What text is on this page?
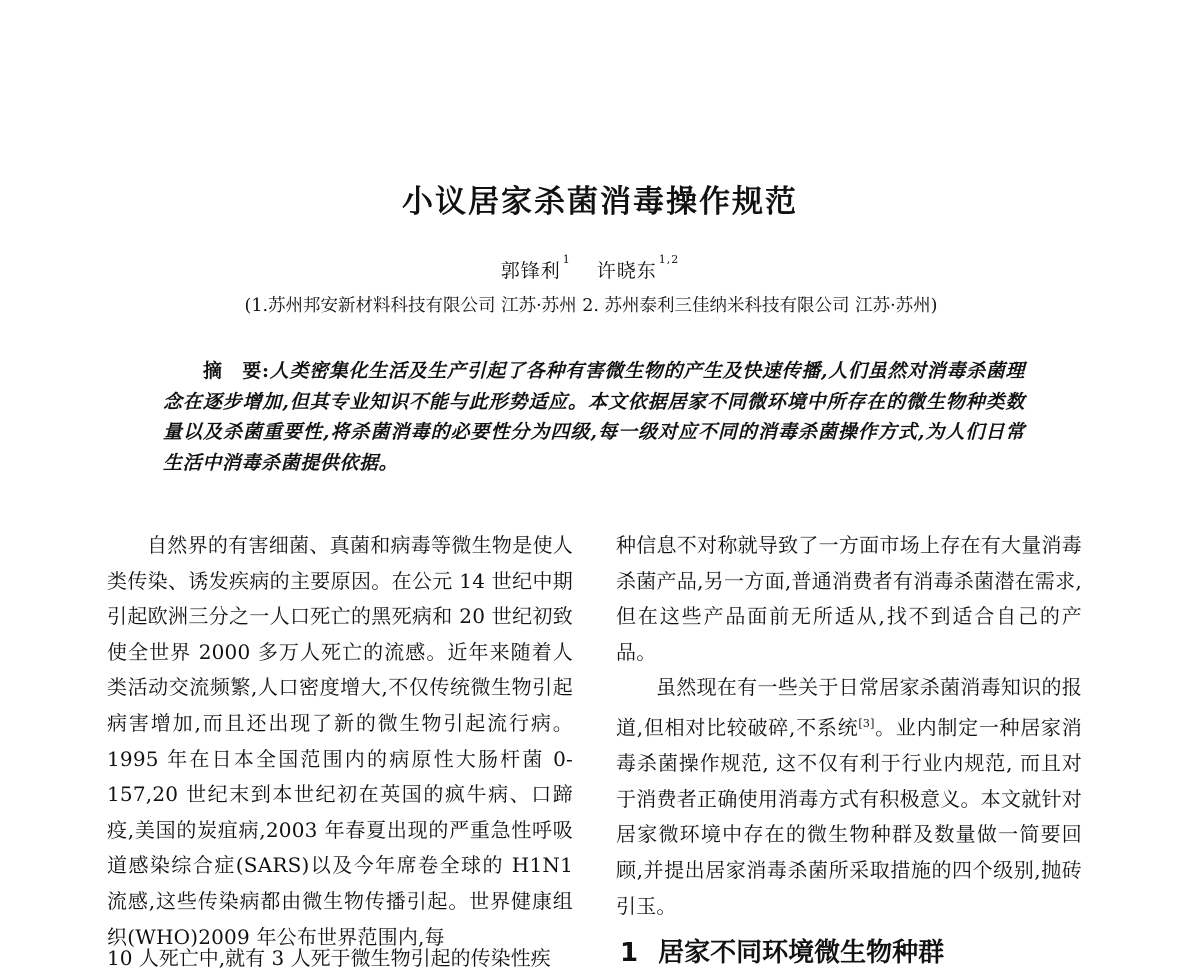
小议居家杀菌消毒操作规范
郭锋利$^1$许晓东$^{1,2}$
(1.苏州邦安新材料科技有限公司 江苏·苏州 2. 苏州泰利三佳纳米科技有限公司 江苏·苏州)
摘　要:人类密集化生活及生产引起了各种有害微生物的产生及快速传播,人们虽然对消毒杀菌理念在逐步增加,但其专业知识不能与此形势适应。本文依据居家不同微环境中所存在的微生物种类数量以及杀菌重要性,将杀菌消毒的必要性分为四级,每一级对应不同的消毒杀菌操作方式,为人们日常生活中消毒杀菌提供依据。

自然界的有害细菌、真菌和病毒等微生物是使人类传染、诱发疾病的主要原因。在公元 14 世纪中期引起欧洲三分之一人口死亡的黑死病和 20 世纪初致使全世界 2000 多万人死亡的流感。近年来随着人类活动交流频繁,人口密度增大,不仅传统微生物引起病害增加,而且还出现了新的微生物引起流行病。1995 年在日本全国范围内的病原性大肠杆菌 0-157,20 世纪末到本世纪初在英国的疯牛病、口蹄疫,美国的炭疽病,2003 年春夏出现的严重急性呼吸道感染综合症(SARS)以及今年席卷全球的 H1N1 流感,这些传染病都由微生物传播引起。世界健康组织(WHO)2009 年公布世界范围内,每

10 人死亡中,就有 3 人死于微生物引起的传染性疾

种信息不对称就导致了一方面市场上存在有大量消毒杀菌产品,另一方面,普通消费者有消毒杀菌潜在需求,但在这些产品面前无所适从,找不到适合自己的产品。

虽然现在有一些关于日常居家杀菌消毒知识的报道,但相对比较破碎,不系统[3]。业内制定一种居家消毒杀菌操作规范, 这不仅有利于行业内规范, 而且对于消费者正确使用消毒方式有积极意义。本文就针对居家微环境中存在的微生物种群及数量做一简要回顾,并提出居家消毒杀菌所采取措施的四个级别,抛砖引玉。

1 居家不同环境微生物种群
